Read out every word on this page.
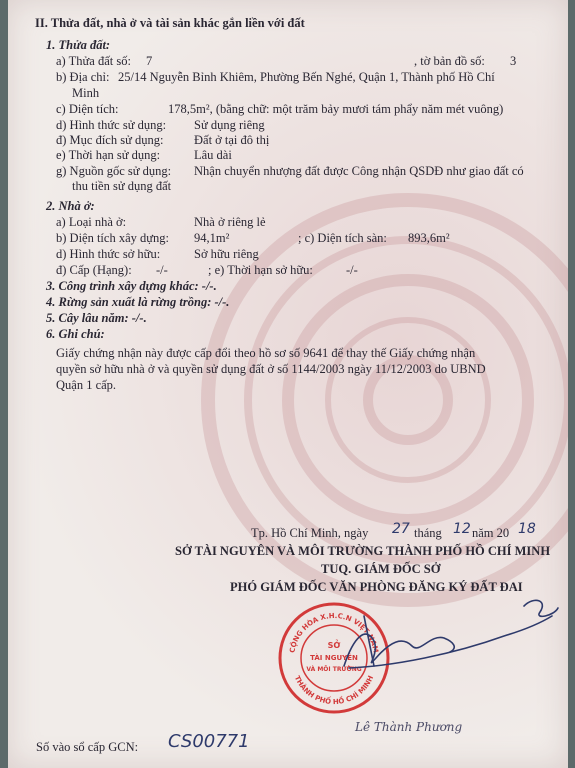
II. Thửa đất, nhà ở và tài sản khác gắn liền với đất
1. Thửa đất:
a) Thửa đất số: 7	, tờ bản đồ số: 3
b) Địa chỉ: 25/14 Nguyễn Bỉnh Khiêm, Phường Bến Nghé, Quận 1, Thành phố Hồ Chí
Minh
c) Diện tích:	178,5m², (bằng chữ: một trăm bảy mươi tám phẩy năm mét vuông)
d) Hình thức sử dụng: Sử dụng riêng
đ) Mục đích sử dụng: Đất ở tại đô thị
e) Thời hạn sử dụng:	Lâu dài
g) Nguồn gốc sử dụng: Nhận chuyển nhượng đất được Công nhận QSDĐ như giao đất có
thu tiền sử dụng đất
2. Nhà ở:
a) Loại nhà ở:	Nhà ở riêng lẻ
b) Diện tích xây dựng: 94,1m²	; c) Diện tích sàn: 893,6m²
d) Hình thức sở hữu:	Sở hữu riêng
đ) Cấp (Hạng): -/-	; e) Thời hạn sở hữu:	-/-
3. Công trình xây dựng khác: -/-.
4. Rừng sản xuất là rừng trồng: -/-.
5. Cây lâu năm: -/-.
6. Ghi chú:
Giấy chứng nhận này được cấp đổi theo hồ sơ số 9641 để thay thế Giấy chứng nhận
quyền sở hữu nhà ở và quyền sử dụng đất ở số 1144/2003 ngày 11/12/2003 do UBND
Quận 1 cấp.
Tp. Hồ Chí Minh, ngày 27 tháng 12 năm 20 18
SỞ TÀI NGUYÊN VÀ MÔI TRƯỜNG THÀNH PHỐ HỒ CHÍ MINH
TUQ. GIÁM ĐỐC SỞ
PHÓ GIÁM ĐỐC VĂN PHÒNG ĐĂNG KÝ ĐẤT ĐAI
CỘNG HÒA X.H.C.N VIỆT NAM
THÀNH PHỐ HỒ CHÍ MINH
SỞ
TÀI NGUYÊN
VÀ MÔI TRƯỜNG
Lê Thành Phương
Số vào sổ cấp GCN: CS00771
